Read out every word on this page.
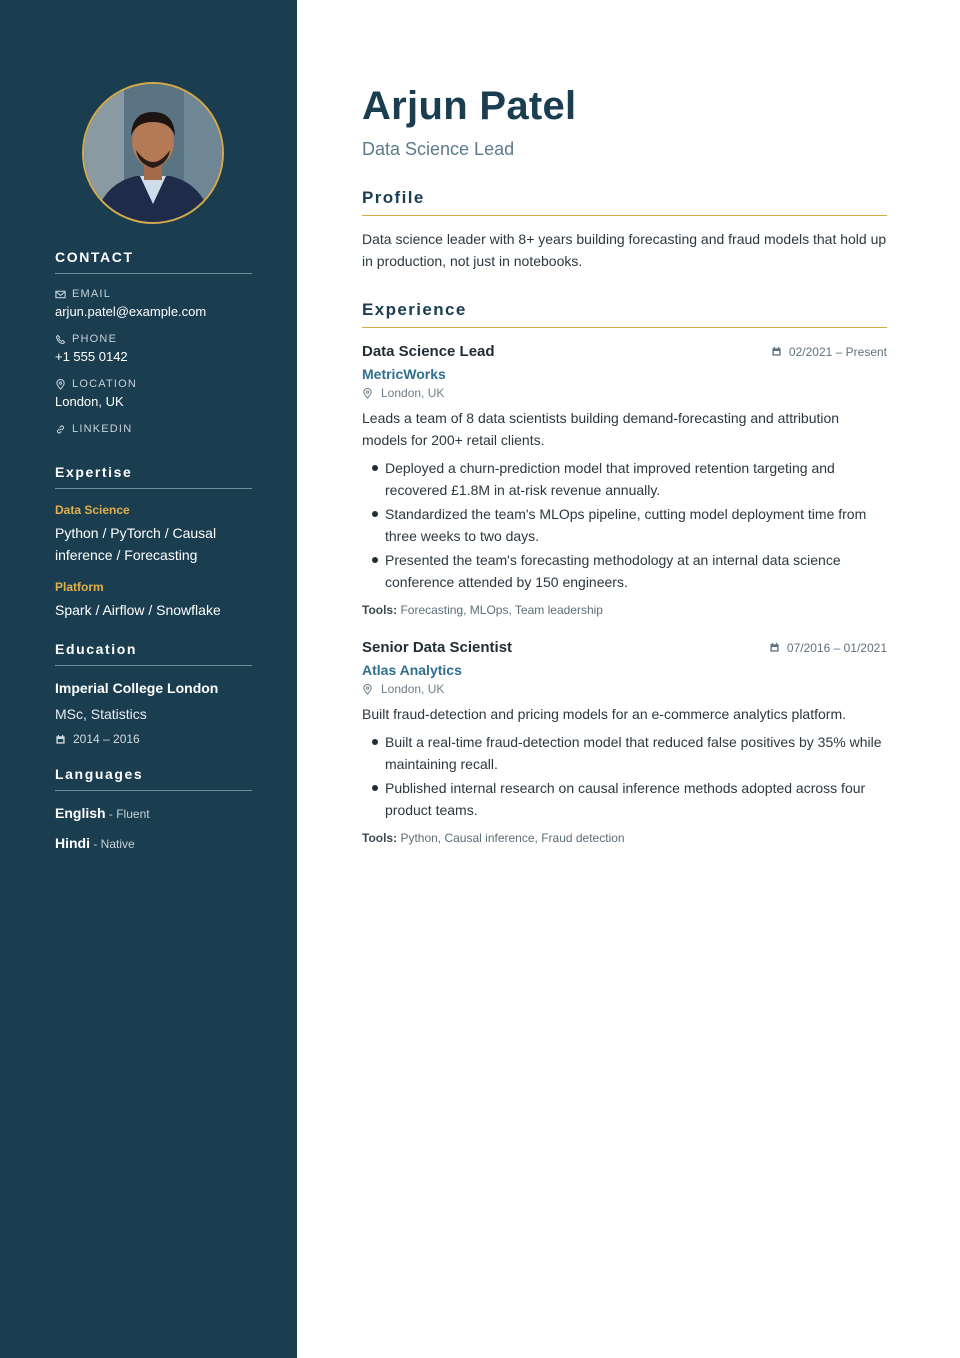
CONTACT
EMAIL
arjun.patel@example.com
PHONE
+1 555 0142
LOCATION
London, UK
LINKEDIN
Expertise
Data Science
Python / PyTorch / Causal inference / Forecasting
Platform
Spark / Airflow / Snowflake
Education
Imperial College London
MSc, Statistics
2014 – 2016
Languages
English - Fluent
Hindi - Native
Arjun Patel
Data Science Lead
Profile
Data science leader with 8+ years building forecasting and fraud models that hold up in production, not just in notebooks.
Experience
Data Science Lead	02/2021 – Present
MetricWorks
London, UK
Leads a team of 8 data scientists building demand-forecasting and attribution models for 200+ retail clients.
Deployed a churn-prediction model that improved retention targeting and recovered £1.8M in at-risk revenue annually.
Standardized the team's MLOps pipeline, cutting model deployment time from three weeks to two days.
Presented the team's forecasting methodology at an internal data science conference attended by 150 engineers.
Tools: Forecasting, MLOps, Team leadership
Senior Data Scientist	07/2016 – 01/2021
Atlas Analytics
London, UK
Built fraud-detection and pricing models for an e-commerce analytics platform.
Built a real-time fraud-detection model that reduced false positives by 35% while maintaining recall.
Published internal research on causal inference methods adopted across four product teams.
Tools: Python, Causal inference, Fraud detection
